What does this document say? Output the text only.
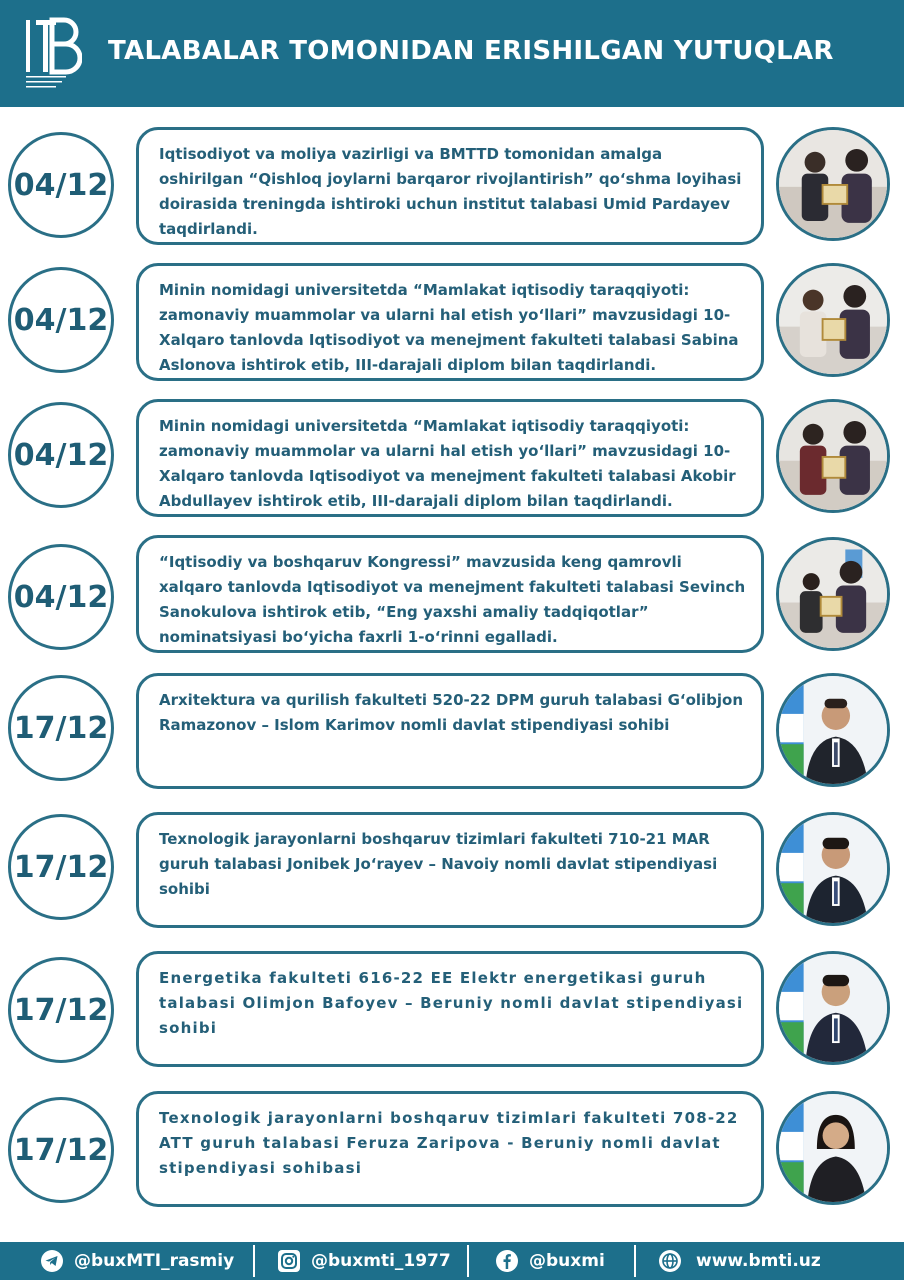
TALABALAR TOMONIDAN ERISHILGAN YUTUQLAR
04/12

Iqtisodiyot va moliya vazirligi va BMTTD tomonidan amalga oshirilgan “Qishloq joylarni barqaror rivojlantirish” qo‘shma loyihasi doirasida treningda ishtiroki uchun institut talabasi Umid Pardayev taqdirlandi.

04/12

Minin nomidagi universitetda “Mamlakat iqtisodiy taraqqiyoti: zamonaviy muammolar va ularni hal etish yo‘llari” mavzusidagi 10-Xalqaro tanlovda Iqtisodiyot va menejment fakulteti talabasi Sabina Aslonova ishtirok etib, III-darajali diplom bilan taqdirlandi.

04/12

Minin nomidagi universitetda “Mamlakat iqtisodiy taraqqiyoti: zamonaviy muammolar va ularni hal etish yo‘llari” mavzusidagi 10-Xalqaro tanlovda Iqtisodiyot va menejment fakulteti talabasi Akobir Abdullayev ishtirok etib, III-darajali diplom bilan taqdirlandi.

04/12

“Iqtisodiy va boshqaruv Kongressi” mavzusida keng qamrovli xalqaro tanlovda Iqtisodiyot va menejment fakulteti talabasi Sevinch Sanokulova ishtirok etib, “Eng yaxshi amaliy tadqiqotlar” nominatsiyasi bo‘yicha faxrli 1-o‘rinni egalladi.

17/12

Arxitektura va qurilish fakulteti 520-22 DPM guruh talabasi G‘olibjon Ramazonov – Islom Karimov nomli davlat stipendiyasi sohibi

17/12

Texnologik jarayonlarni boshqaruv tizimlari fakulteti 710-21 MAR guruh talabasi Jonibek Jo‘rayev – Navoiy nomli davlat stipendiyasi sohibi

17/12

Energetika fakulteti 616-22 EE Elektr energetikasi guruh talabasi Olimjon Bafoyev – Beruniy nomli davlat stipendiyasi sohibi

17/12

Texnologik jarayonlarni boshqaruv tizimlari fakulteti 708-22 ATT guruh talabasi Feruza Zaripova - Beruniy nomli davlat stipendiyasi sohibasi

@buxMTI_rasmiy	@buxmti_1977	@buxmi	www.bmti.uz
